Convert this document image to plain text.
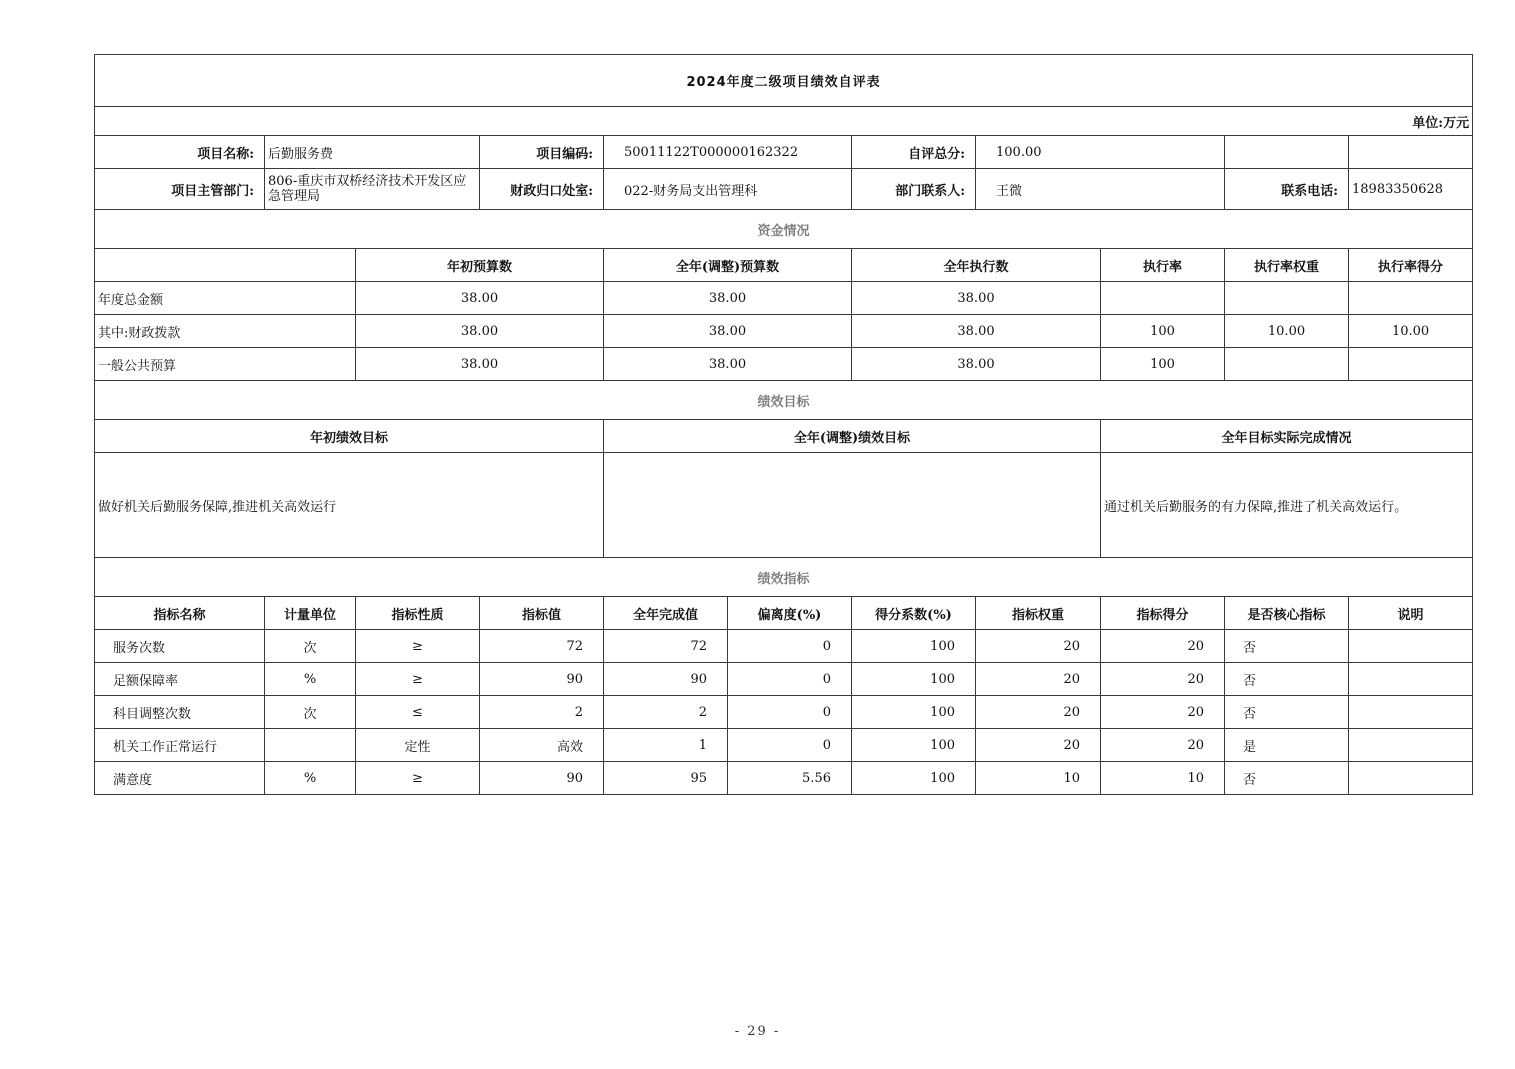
2024年度二级项目绩效自评表										
单位:万元										
项目名称:	后勤服务费		项目编码:	50011122T000000162322		自评总分:	100.00			
项目主管部门:	806-重庆市双桥经济技术开发区应急管理局		财政归口处室:	022-财务局支出管理科		部门联系人:	王微		联系电话:	18983350628
资金情况										
		年初预算数		全年(调整)预算数		全年执行数		执行率	执行率权重	执行率得分
年度总金额		38.00		38.00		38.00				
其中:财政拨款		38.00		38.00		38.00		100	10.00	10.00
一般公共预算		38.00		38.00		38.00		100		
绩效目标										
年初绩效目标				全年(调整)绩效目标				全年目标实际完成情况		
做好机关后勤服务保障,推进机关高效运行								通过机关后勤服务的有力保障,推进了机关高效运行。		
绩效指标										
指标名称	计量单位	指标性质	指标值	全年完成值	偏离度(%)	得分系数(%)	指标权重	指标得分	是否核心指标	说明
服务次数	次	≥	72	72	0	100	20	20	否	
足额保障率	%	≥	90	90	0	100	20	20	否	
科目调整次数	次	≤	2	2	0	100	20	20	否	
机关工作正常运行		定性	高效	1	0	100	20	20	是	
满意度	%	≥	90	95	5.56	100	10	10	否	
- 29 -
